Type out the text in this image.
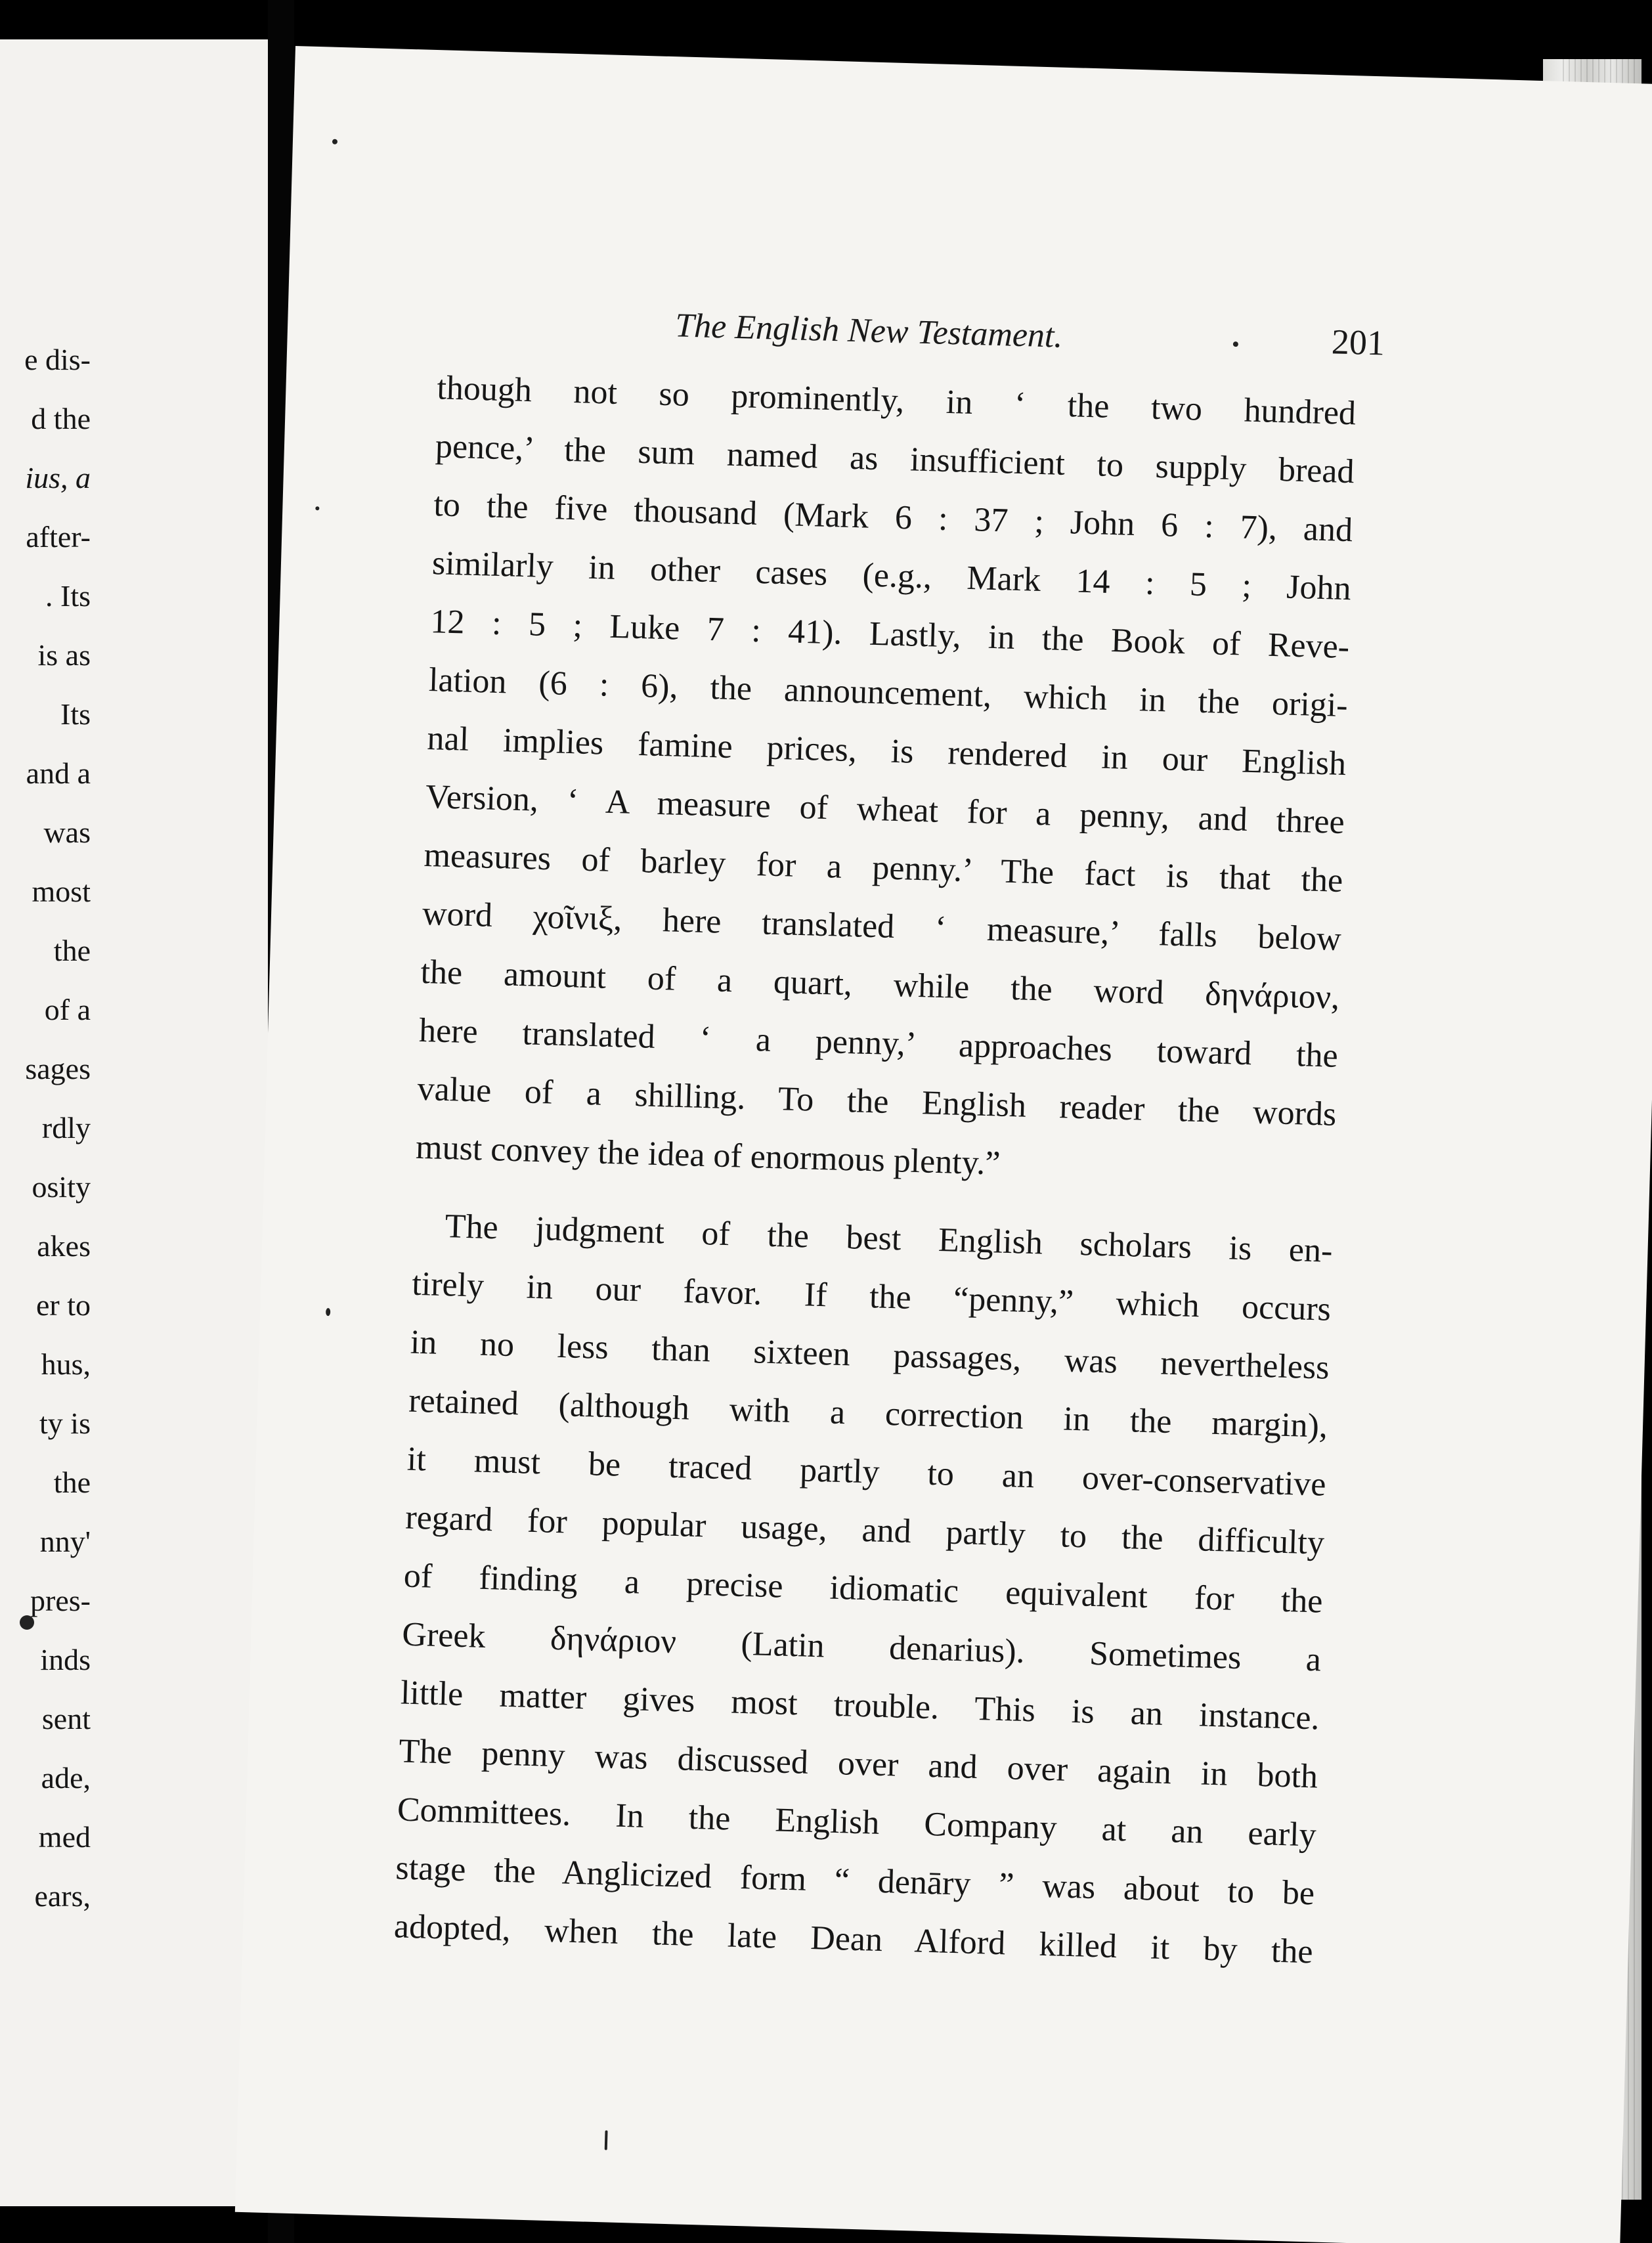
e dis-
d the
ius, a
after-
. Its
is as
Its
and a
was
most
the
of a
sages
rdly
osity
akes
er to
hus,
ty is
the
nny'
pres-
inds
sent
ade,
med
ears,
The English New Testament.	201
though not so prominently, in ‘ the two hundred
pence,’ the sum named as insufficient to supply bread
to the five thousand (Mark 6 : 37 ; John 6 : 7), and
similarly in other cases (e.g., Mark 14 : 5 ; John
12 : 5 ; Luke 7 : 41). Lastly, in the Book of Reve-
lation (6 : 6), the announcement, which in the origi-
nal implies famine prices, is rendered in our English
Version, ‘ A measure of wheat for a penny, and three
measures of barley for a penny.’ The fact is that the
word χοῖνιξ, here translated ‘ measure,’ falls below
the amount of a quart, while the word δηνάριον,
here translated ‘ a penny,’ approaches toward the
value of a shilling. To the English reader the words
must convey the idea of enormous plenty.”
The judgment of the best English scholars is en-
tirely in our favor. If the “penny,” which occurs
in no less than sixteen passages, was nevertheless
retained (although with a correction in the margin),
it must be traced partly to an over-conservative
regard for popular usage, and partly to the difficulty
of finding a precise idiomatic equivalent for the
Greek δηνάριον (Latin denarius). Sometimes a
little matter gives most trouble. This is an instance.
The penny was discussed over and over again in both
Committees. In the English Company at an early
stage the Anglicized form “ denāry ” was about to be
adopted, when the late Dean Alford killed it by the
